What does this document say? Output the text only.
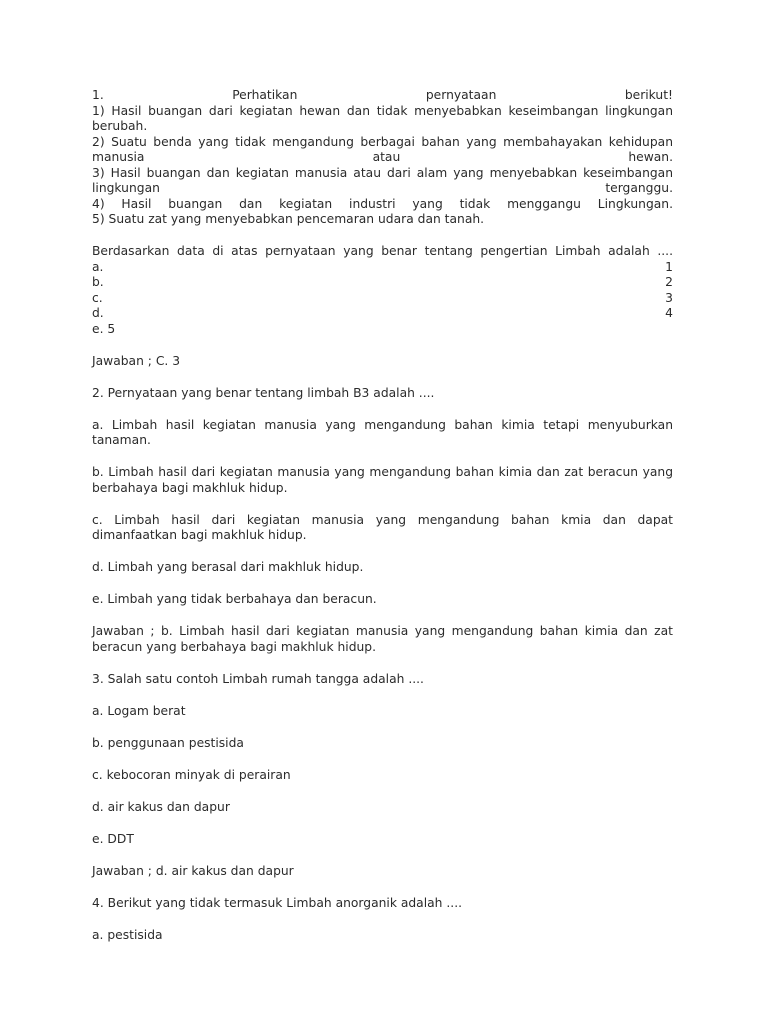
1.	Perhatikan	pernyataan	berikut!

1) Hasil buangan dari kegiatan hewan dan tidak menyebabkan keseimbangan lingkungan

berubah.

2) Suatu benda yang tidak mengandung berbagai bahan yang membahayakan kehidupan

manusia	atau	hewan.

3) Hasil buangan dan kegiatan manusia atau dari alam yang menyebabkan keseimbangan

lingkungan	terganggu.

4) Hasil buangan dan kegiatan industri yang tidak menggangu Lingkungan.

5) Suatu zat yang menyebabkan pencemaran udara dan tanah.

Berdasarkan data di atas pernyataan yang benar tentang pengertian Limbah adalah ....

a.	1
b.	2
c.	3
d.	4

e. 5

Jawaban ; C. 3

2. Pernyataan yang benar tentang limbah B3 adalah ....

a. Limbah hasil kegiatan manusia yang mengandung bahan kimia tetapi menyuburkan tanaman.

b. Limbah hasil dari kegiatan manusia yang mengandung bahan kimia dan zat beracun yang berbahaya bagi makhluk hidup.

c. Limbah hasil dari kegiatan manusia yang mengandung bahan kmia dan dapat dimanfaatkan bagi makhluk hidup.

d. Limbah yang berasal dari makhluk hidup.

e. Limbah yang tidak berbahaya dan beracun.

Jawaban ; b. Limbah hasil dari kegiatan manusia yang mengandung bahan kimia dan zat beracun yang berbahaya bagi makhluk hidup.

3. Salah satu contoh Limbah rumah tangga adalah ....

a. Logam berat

b. penggunaan pestisida

c. kebocoran minyak di perairan

d. air kakus dan dapur

e. DDT

Jawaban ; d. air kakus dan dapur

4. Berikut yang tidak termasuk Limbah anorganik adalah ....

a. pestisida
